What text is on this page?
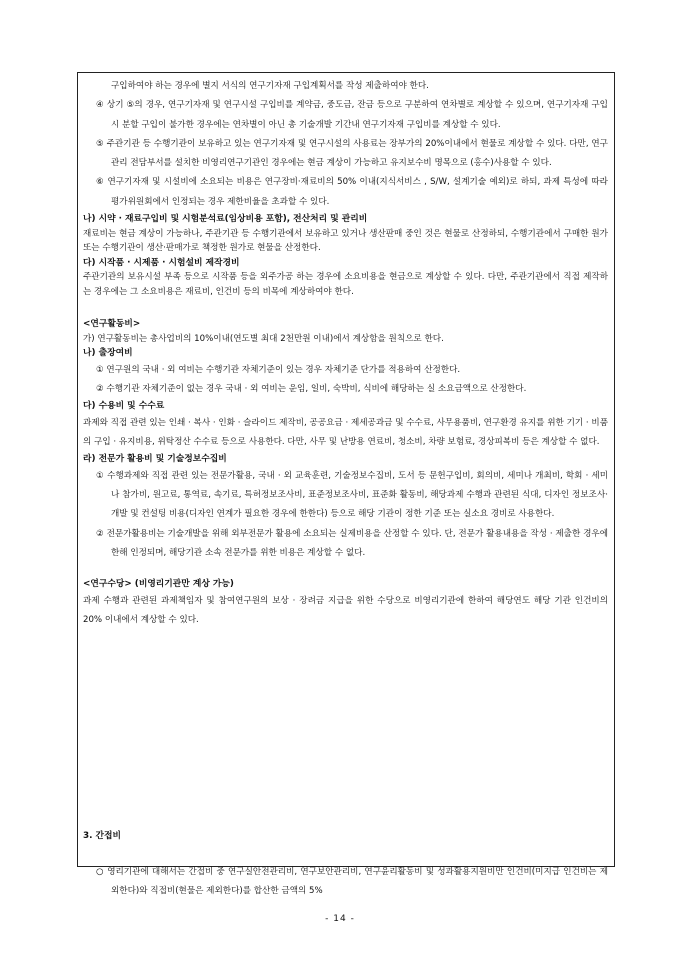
구입하여야 하는 경우에 별지 서식의 연구기자재 구입계획서를 작성 제출하여야 한다.

④ 상기 ⑤의 경우, 연구기자재 및 연구시설 구입비를 계약금, 중도금, 잔금 등으로 구분하여 연차별로 계상할 수 있으며, 연구기자재 구입시 분할 구입이 불가한 경우에는 연차별이 아닌 총 기술개발 기간내 연구기자재 구입비를 계상할 수 있다.

⑤ 주관기관 등 수행기관이 보유하고 있는 연구기자재 및 연구시설의 사용료는 장부가의 20%이내에서 현물로 계상할 수 있다. 다만, 연구관리 전담부서를 설치한 비영리연구기관인 경우에는 현금 계상이 가능하고 유지보수비 명목으로 (홍수)사용할 수 있다.

⑥ 연구기자재 및 시설비에 소요되는 비용은 연구장비·재료비의 50% 이내(지식서비스 , S/W, 설계기술 예외)로 하되, 과제 특성에 따라 평가위원회에서 인정되는 경우 제한비율을 초과할 수 있다.

나) 시약 · 재료구입비 및 시험분석료(임상비용 포함), 전산처리 및 관리비

재료비는 현금 계상이 가능하나, 주관기관 등 수행기관에서 보유하고 있거나 생산판매 중인 것은 현물로 산정하되, 수행기관에서 구매한 원가 또는 수행기관이 생산·판매가로 책정한 원가로 현물을 산정한다.

다) 시작품 · 시제품 · 시험설비 제작경비

주관기관의 보유시설 부족 등으로 시작품 등을 외주가공 하는 경우에 소요비용을 현금으로 계상할 수 있다. 다만, 주관기관에서 직접 제작하는 경우에는 그 소요비용은 재료비, 인건비 등의 비목에 계상하여야 한다.

<연구활동비>

가) 연구활동비는 총사업비의 10%이내(연도별 최대 2천만원 이내)에서 계상함을 원칙으로 한다.

나) 출장여비

① 연구원의 국내 · 외 여비는 수행기관 자체기준이 있는 경우 자체기준 단가를 적용하여 산정한다.

② 수행기관 자체기준이 없는 경우 국내 · 외 여비는 운임, 일비, 숙박비, 식비에 해당하는 실 소요금액으로 산정한다.

다) 수용비 및 수수료

과제와 직접 관련 있는 인쇄 · 복사 · 인화 · 슬라이드 제작비, 공공요금 · 제세공과금 및 수수료, 사무용품비, 연구환경 유지를 위한 기기 · 비품의 구입 · 유지비용, 위탁정산 수수료 등으로 사용한다. 다만, 사무 및 난방용 연료비, 청소비, 차량 보험료, 경상피복비 등은 계상할 수 없다.

라) 전문가 활용비 및 기술정보수집비

① 수행과제와 직접 관련 있는 전문가활용, 국내 · 외 교육훈련, 기술정보수집비, 도서 등 문헌구입비, 회의비, 세미나 개최비, 학회 · 세미나 참가비, 원고료, 통역료, 속기료, 특허정보조사비, 표준정보조사비, 표준화 활동비, 해당과제 수행과 관련된 식대, 디자인 정보조사·개발 및 컨설팅 비용(디자인 연계가 필요한 경우에 한한다) 등으로 해당 기관이 정한 기준 또는 실소요 경비로 사용한다.

② 전문가활용비는 기술개발을 위해 외부전문가 활용에 소요되는 실제비용을 산정할 수 있다. 단, 전문가 활용내용을 작성 · 제출한 경우에 한해 인정되며, 해당기관 소속 전문가를 위한 비용은 계상할 수 없다.

<연구수당> (비영리기관만 계상 가능)

과제 수행과 관련된 과제책임자 및 참여연구원의 보상 · 장려금 지급을 위한 수당으로 비영리기관에 한하여 해당연도 해당 기관 인건비의 20% 이내에서 계상할 수 있다.

3. 간접비

○ 영리기관에 대해서는 간접비 중 연구실안전관리비, 연구보안관리비, 연구윤리활동비 및 성과활용지원비만 인건비(미지급 인건비는 제외한다)와 직접비(현물은 제외한다)를 합산한 금액의 5%

- 14 -
